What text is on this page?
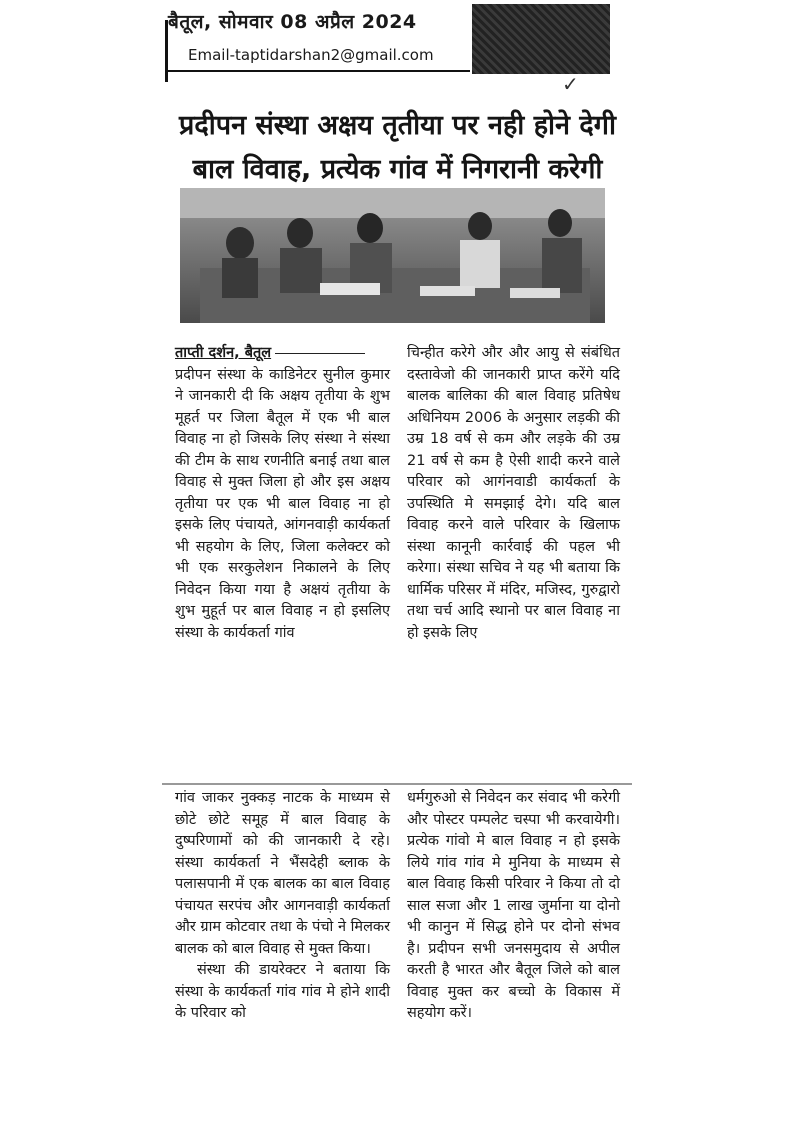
बैतूल, सोमवार 08 अप्रैल 2024
Email-taptidarshan2@gmail.com
✓
प्रदीपन संस्था अक्षय तृतीया पर नही होने देगी
बाल विवाह, प्रत्येक गांव में निगरानी करेगी

ताप्ती दर्शन, बैतूल

प्रदीपन संस्था के काडिनेटर सुनील कुमार ने जानकारी दी कि अक्षय तृतीया के शुभ मूहर्त पर जिला बैतूल में एक भी बाल विवाह ना हो जिसके लिए संस्था ने संस्था की टीम के साथ रणनीति बनाई तथा बाल विवाह से मुक्त जिला हो और इस अक्षय तृतीया पर एक भी बाल विवाह ना हो इसके लिए पंचायते, आंगनवाड़ी कार्यकर्ता भी सहयोग के लिए, जिला कलेक्टर को भी एक सरकुलेशन निकालने के लिए निवेदन किया गया है अक्षयं तृतीया के शुभ मुहूर्त पर बाल विवाह न हो इसलिए संस्था के कार्यकर्ता गांव

चिन्हीत करेगे और और आयु से संबंधित दस्तावेजो की जानकारी प्राप्त करेंगे यदि बालक बालिका की बाल विवाह प्रतिषेध अधिनियम 2006 के अनुसार लड़की की उम्र 18 वर्ष से कम और लड़के की उम्र 21 वर्ष से कम है ऐसी शादी करने वाले परिवार को आगंनवाडी कार्यकर्ता के उपस्थिति मे समझाई देगे। यदि बाल विवाह करने वाले परिवार के खिलाफ संस्था कानूनी कार्रवाई की पहल भी करेगा। संस्था सचिव ने यह भी बताया कि धार्मिक परिसर में मंदिर, मजिस्द, गुरुद्वारो तथा चर्च आदि स्थानो पर बाल विवाह ना हो इसके लिए

गांव जाकर नुक्कड़ नाटक के माध्यम से छोटे छोटे समूह में बाल विवाह के दुष्परिणामों को की जानकारी दे रहे। संस्था कार्यकर्ता ने भैंसदेही ब्लाक के पलासपानी में एक बालक का बाल विवाह पंचायत सरपंच और आगनवाड़ी कार्यकर्ता और ग्राम कोटवार तथा के पंचो ने मिलकर बालक को बाल विवाह से मुक्त किया।

संस्था की डायरेक्टर ने बताया कि संस्था के कार्यकर्ता गांव गांव मे होने शादी के परिवार को

धर्मगुरुओ से निवेदन कर संवाद भी करेगी और पोस्टर पम्पलेट चस्पा भी करवायेगी। प्रत्येक गांवो मे बाल विवाह न हो इसके लिये गांव गांव मे मुनिया के माध्यम से बाल विवाह किसी परिवार ने किया तो दो साल सजा और 1 लाख जुर्माना या दोनो भी कानुन में सिद्ध होने पर दोनो संभव है। प्रदीपन सभी जनसमुदाय से अपील करती है भारत और बैतूल जिले को बाल विवाह मुक्त कर बच्चो के विकास में सहयोग करें।
